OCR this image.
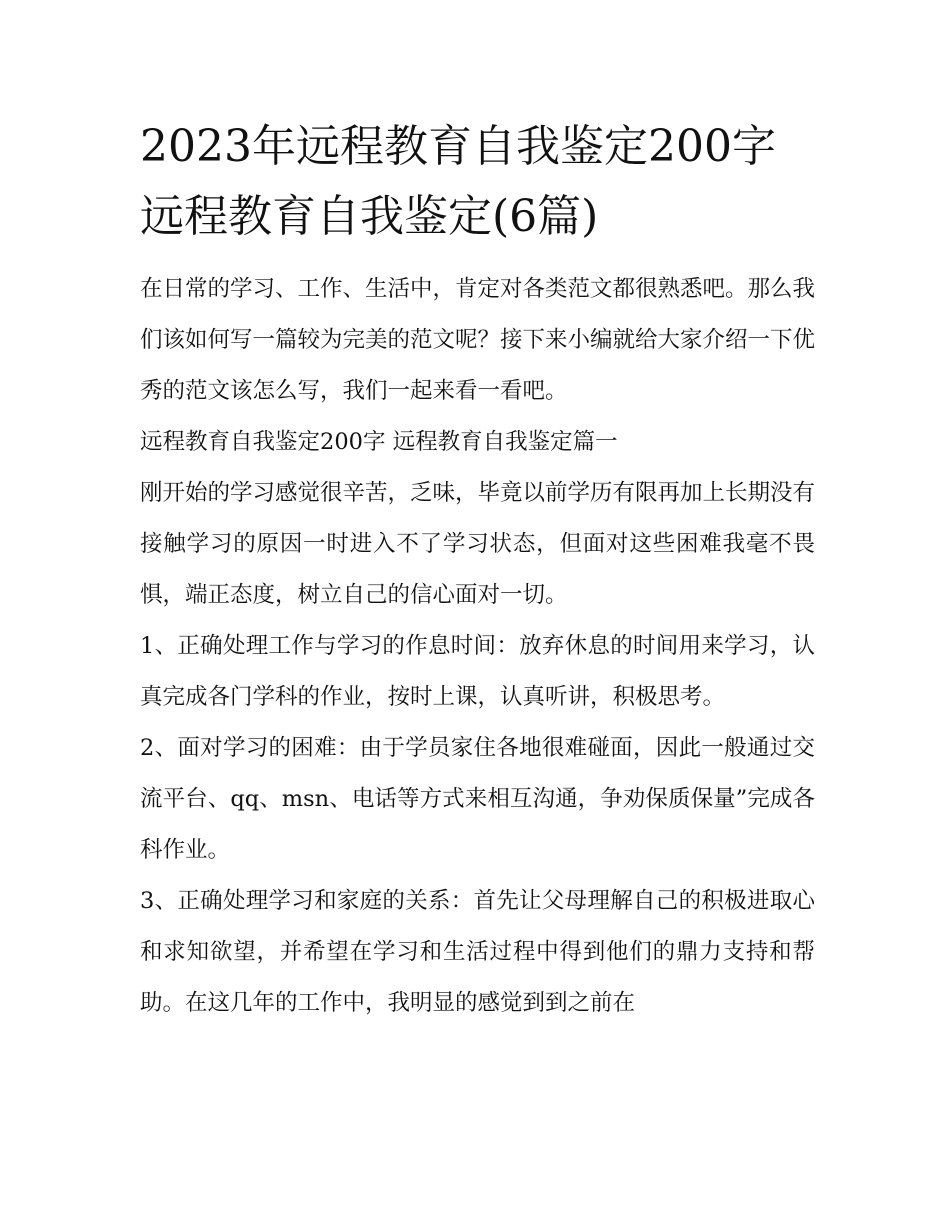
2023年远程教育自我鉴定200字 远程教育自我鉴定(6篇)

在日常的学习、工作、生活中，肯定对各类范文都很熟悉吧。那么我们该如何写一篇较为完美的范文呢？接下来小编就给大家介绍一下优秀的范文该怎么写，我们一起来看一看吧。

远程教育自我鉴定200字 远程教育自我鉴定篇一

刚开始的学习感觉很辛苦，乏味，毕竟以前学历有限再加上长期没有接触学习的原因一时进入不了学习状态，但面对这些困难我毫不畏惧，端正态度，树立自己的信心面对一切。

1、正确处理工作与学习的作息时间：放弃休息的时间用来学习，认真完成各门学科的作业，按时上课，认真听讲，积极思考。

2、面对学习的困难：由于学员家住各地很难碰面，因此一般通过交流平台、qq、msn、电话等方式来相互沟通，争劝保质保量”完成各科作业。

3、正确处理学习和家庭的关系：首先让父母理解自己的积极进取心和求知欲望，并希望在学习和生活过程中得到他们的鼎力支持和帮助。在这几年的工作中，我明显的感觉到到之前在
